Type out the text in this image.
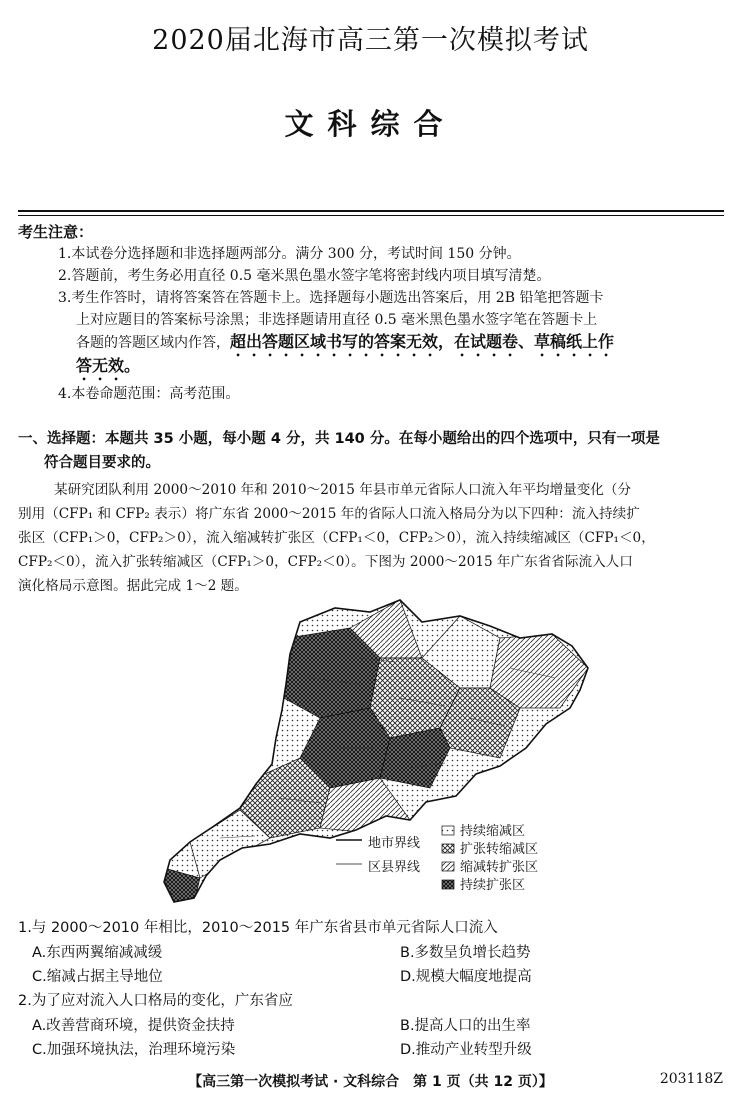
2020届北海市高三第一次模拟考试
文科综合
考生注意：
1.本试卷分选择题和非选择题两部分。满分 300 分，考试时间 150 分钟。
2.答题前，考生务必用直径 0.5 毫米黑色墨水签字笔将密封线内项目填写清楚。
3.考生作答时，请将答案答在答题卡上。选择题每小题选出答案后，用 2B 铅笔把答题卡
上对应题目的答案标号涂黑；非选择题请用直径 0.5 毫米黑色墨水签字笔在答题卡上
各题的答题区域内作答，超出答题区域书写的答案无效，在试题卷、草稿纸上作
答无效。
4.本卷命题范围：高考范围。
一、选择题：本题共 35 小题，每小题 4 分，共 140 分。在每小题给出的四个选项中，只有一项是
符合题目要求的。
某研究团队利用 2000～2010 年和 2010～2015 年县市单元省际人口流入年平均增量变化（分
别用（CFP₁ 和 CFP₂ 表示）将广东省 2000～2015 年的省际人口流入格局分为以下四种：流入持续扩
张区（CFP₁＞0，CFP₂＞0），流入缩减转扩张区（CFP₁＜0，CFP₂＞0），流入持续缩减区（CFP₁＜0，
CFP₂＜0），流入扩张转缩减区（CFP₁＞0，CFP₂＜0）。下图为 2000～2015 年广东省省际流入人口
演化格局示意图。据此完成 1～2 题。
地市界线
区县界线
持续缩减区
扩张转缩减区
缩减转扩张区
持续扩张区
1.与 2000～2010 年相比，2010～2015 年广东省县市单元省际人口流入
A.东西两翼缩减减缓	B.多数呈负增长趋势
C.缩减占据主导地位	D.规模大幅度地提高
2.为了应对流入人口格局的变化，广东省应
A.改善营商环境，提供资金扶持	B.提高人口的出生率
C.加强环境执法，治理环境污染	D.推动产业转型升级
【高三第一次模拟考试 · 文科综合　第 1 页（共 12 页）】	203118Z
